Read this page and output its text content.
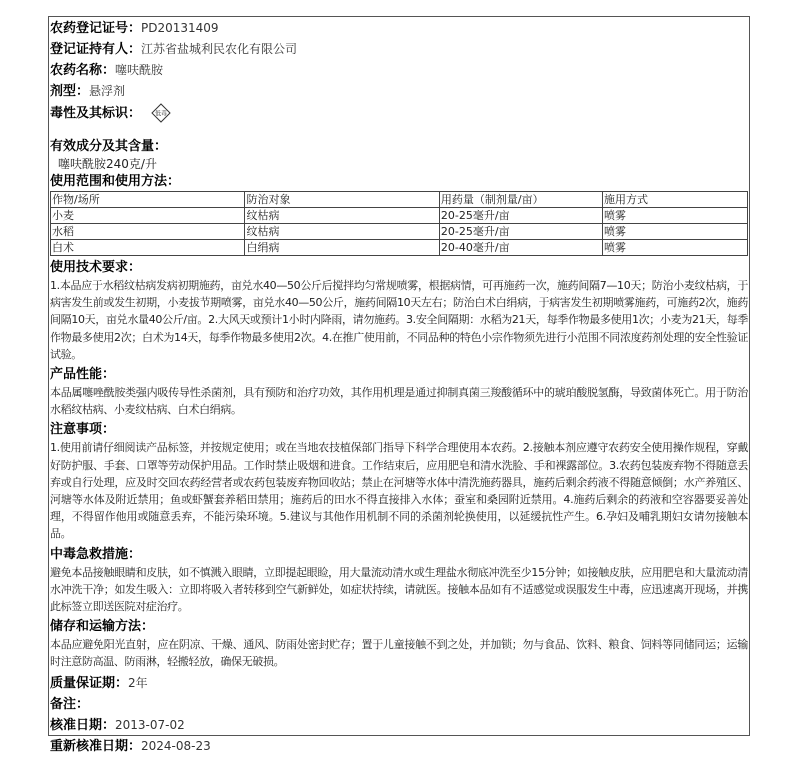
农药登记证号：PD20131409
登记证持有人：江苏省盐城利民农化有限公司
农药名称：噻呋酰胺
剂型：悬浮剂
毒性及其标识： 低毒
有效成分及其含量：
噻呋酰胺240克/升
使用范围和使用方法：
作物/场所	防治对象	用药量（制剂量/亩）	施用方式
小麦	纹枯病	20-25毫升/亩	喷雾
水稻	纹枯病	20-25毫升/亩	喷雾
白术	白绢病	20-40毫升/亩	喷雾
使用技术要求：
1.本品应于水稻纹枯病发病初期施药，亩兑水40—50公斤后搅拌均匀常规喷雾，根据病情，可再施药一次，施药间隔7—10天；防治小麦纹枯病，于病害发生前或发生初期，小麦拔节期喷雾，亩兑水40—50公斤，施药间隔10天左右；防治白术白绢病，于病害发生初期喷雾施药，可施药2次，施药间隔10天，亩兑水量40公斤/亩。2.大风天或预计1小时内降雨，请勿施药。3.安全间隔期：水稻为21天，每季作物最多使用1次；小麦为21天，每季作物最多使用2次；白术为14天，每季作物最多使用2次。4.在推广使用前，不同品种的特色小宗作物须先进行小范围不同浓度药剂处理的安全性验证试验。
产品性能：
本品属噻唑酰胺类强内吸传导性杀菌剂，具有预防和治疗功效，其作用机理是通过抑制真菌三羧酸循环中的琥珀酸脱氢酶，导致菌体死亡。用于防治水稻纹枯病、小麦纹枯病、白术白绢病。
注意事项：
1.使用前请仔细阅读产品标签，并按规定使用；或在当地农技植保部门指导下科学合理使用本农药。2.接触本剂应遵守农药安全使用操作规程，穿戴好防护服、手套、口罩等劳动保护用品。工作时禁止吸烟和进食。工作结束后，应用肥皂和清水洗脸、手和裸露部位。3.农药包装废弃物不得随意丢弃或自行处理，应及时交回农药经营者或农药包装废弃物回收站；禁止在河塘等水体中清洗施药器具，施药后剩余药液不得随意倾倒；水产养殖区、河塘等水体及附近禁用；鱼或虾蟹套养稻田禁用；施药后的田水不得直接排入水体；蚕室和桑园附近禁用。4.施药后剩余的药液和空容器要妥善处理，不得留作他用或随意丢弃，不能污染环境。5.建议与其他作用机制不同的杀菌剂轮换使用，以延缓抗性产生。6.孕妇及哺乳期妇女请勿接触本品。
中毒急救措施：
避免本品接触眼睛和皮肤，如不慎溅入眼睛，立即提起眼睑，用大量流动清水或生理盐水彻底冲洗至少15分钟；如接触皮肤，应用肥皂和大量流动清水冲洗干净；如发生吸入：立即将吸入者转移到空气新鲜处，如症状持续，请就医。接触本品如有不适感觉或误服发生中毒，应迅速离开现场，并携此标签立即送医院对症治疗。
储存和运输方法：
本品应避免阳光直射，应在阴凉、干燥、通风、防雨处密封贮存；置于儿童接触不到之处，并加锁；勿与食品、饮料、粮食、饲料等同储同运；运输时注意防高温、防雨淋，轻搬轻放，确保无破损。
质量保证期：2年
备注：
核准日期：2013-07-02
重新核准日期：2024-08-23
